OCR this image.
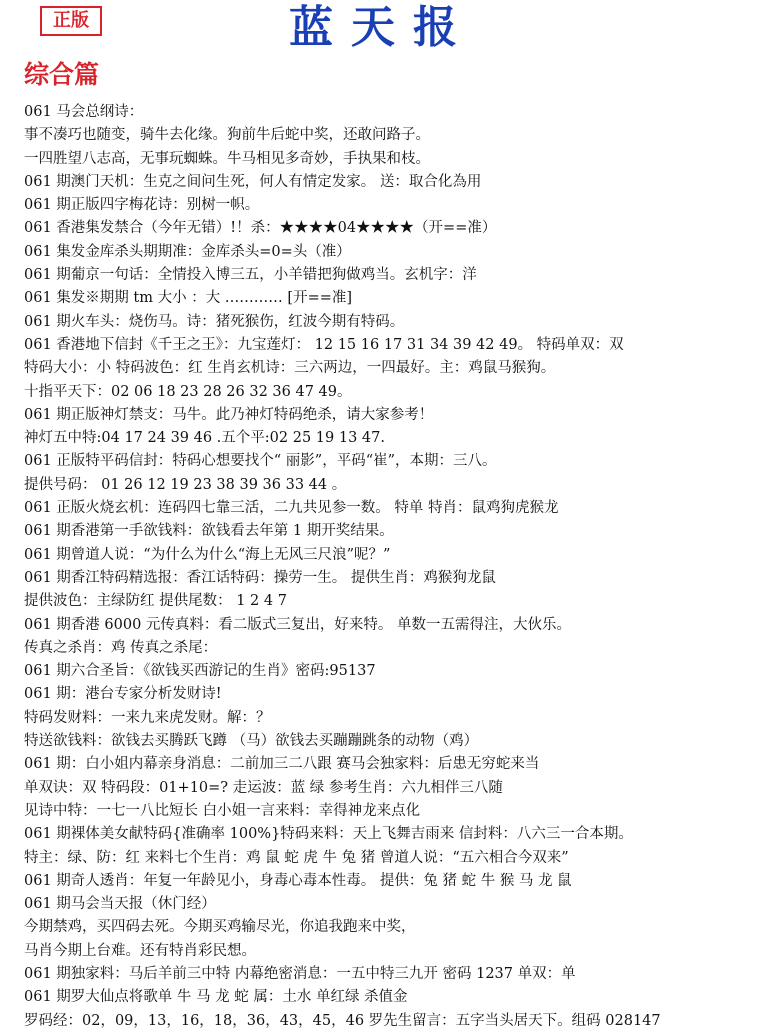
正版	蓝天报
综合篇
061 马会总纲诗：
事不凑巧也随变，骑牛去化缘。狗前牛后蛇中奖，还敢问路子。
一四胜望八志高，无事玩蜘蛛。牛马相见多奇妙，手执果和枝。
061 期澳门天机：生克之间问生死，何人有情定发家。 送：取合化為用
061 期正版四字梅花诗：别树一帜。
061 香港集发禁合（今年无错）!！杀：★★★★04★★★★（开==准）
061 集发金库杀头期期准：金库杀头=0=头（准）
061 期葡京一句话：全情投入博三五，小羊错把狗做鸡当。玄机字：洋
061 集发※期期 tm 大小 ：大 ………… [开==准]
061 期火车头：烧伤马。诗：猪死猴伤，红波今期有特码。
061 香港地下信封《千王之王》：九宝莲灯： 12 15 16 17 31 34 39 42 49。 特码单双：双
特码大小：小 特码波色：红 生肖玄机诗：三六两边，一四最好。主：鸡鼠马猴狗。
十指平天下：02 06 18 23 28 26 32 36 47 49。
061 期正版神灯禁支：马牛。此乃神灯特码绝杀，请大家参考！
神灯五中特:04 17 24 39 46 .五个平:02 25 19 13 47.
061 正版特平码信封：特码心想要找个“ 丽影”，平码“崔”，本期：三八。
提供号码： 01 26 12 19 23 38 39 36 33 44 。
061 正版火烧玄机：连码四七靠三活，二九共见参一数。 特单 特肖：鼠鸡狗虎猴龙
061 期香港第一手欲钱料：欲钱看去年第 1 期开奖结果。
061 期曾道人说：“为什么为什么“海上无风三尺浪”呢？”
061 期香江特码精选报：香江话特码：操劳一生。 提供生肖：鸡猴狗龙鼠
提供波色：主绿防红 提供尾数： 1 2 4 7
061 期香港 6000 元传真料：看二版式三复出，好来特。 单数一五需得注，大伙乐。
传真之杀肖：鸡 传真之杀尾：
061 期六合圣旨：《欲钱买西游记的生肖》密码:95137
061 期：港台专家分析发财诗!
特码发财料：一来九来虎发财。解：？
特送欲钱料：欲钱去买腾跃飞蹲 （马）欲钱去买蹦蹦跳条的动物（鸡）
061 期：白小姐内幕亲身消息：二前加三二八跟 赛马会独家料：后患无穷蛇来当
单双诀：双 特码段：01+10=? 走运波：蓝 绿 参考生肖：六九相伴三八随
见诗中特：一七一八比短长 白小姐一言来料：幸得神龙来点化
061 期裸体美女献特码{准确率 100%}特码来料：天上飞舞吉雨来 信封料：八六三一合本期。
特主：绿、防：红 来料七个生肖：鸡 鼠 蛇 虎 牛 兔 猪 曾道人说：“五六相合今双来”
061 期奇人透肖：年复一年龄见小，身毒心毒本性毒。 提供：兔 猪 蛇 牛 猴 马 龙 鼠
061 期马会当天报（休门经）
今期禁鸡，买四码去死。今期买鸡输尽光，你追我跑来中奖，
马肖今期上台难。还有特肖彩民想。
061 期独家料：马后羊前三中特 内幕绝密消息：一五中特三九开 密码 1237 单双：单
061 期罗大仙点将歌单 牛 马 龙 蛇 属：土水 单红绿 杀值金
罗码经：02，09，13，16，18，36，43，45，46 罗先生留言：五字当头居天下。组码 028147
